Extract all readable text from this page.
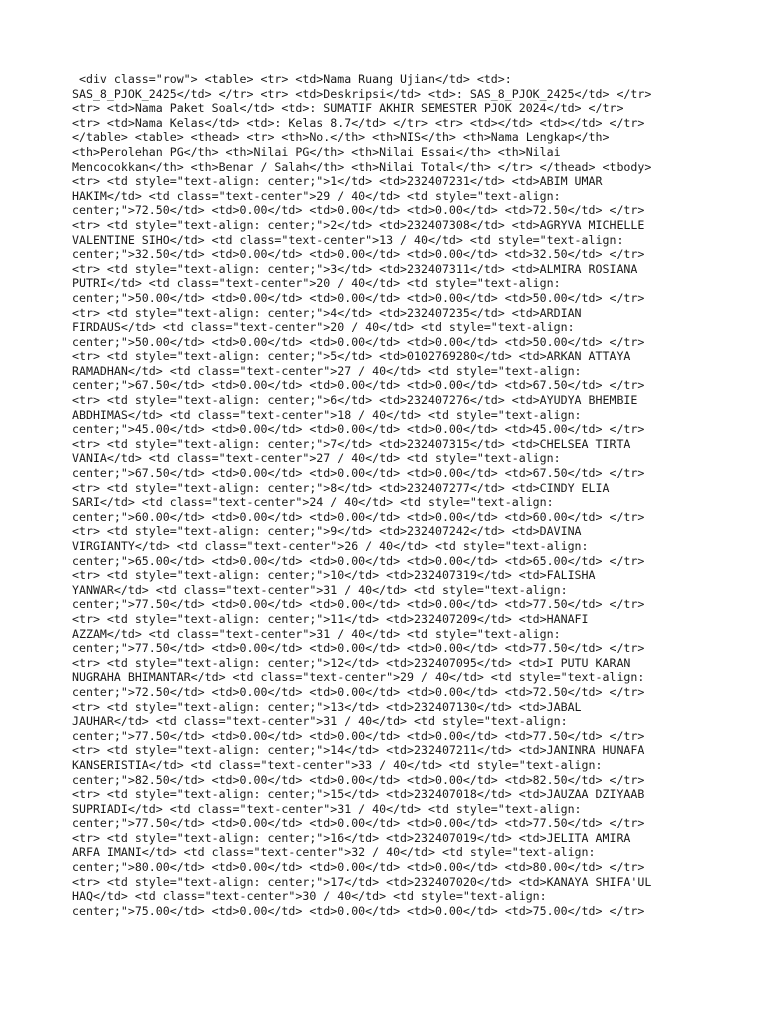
<div class="row"> <table> <tr> <td>Nama Ruang Ujian</td> <td>:
SAS_8_PJOK_2425</td> </tr> <tr> <td>Deskripsi</td> <td>: SAS_8_PJOK_2425</td> </tr>
<tr> <td>Nama Paket Soal</td> <td>: SUMATIF AKHIR SEMESTER PJOK 2024</td> </tr>
<tr> <td>Nama Kelas</td> <td>: Kelas 8.7</td> </tr> <tr> <td></td> <td></td> </tr>
</table> <table> <thead> <tr> <th>No.</th> <th>NIS</th> <th>Nama Lengkap</th>
<th>Perolehan PG</th> <th>Nilai PG</th> <th>Nilai Essai</th> <th>Nilai
Mencocokkan</th> <th>Benar / Salah</th> <th>Nilai Total</th> </tr> </thead> <tbody>
<tr> <td style="text-align: center;">1</td> <td>232407231</td> <td>ABIM UMAR
HAKIM</td> <td class="text-center">29 / 40</td> <td style="text-align:
center;">72.50</td> <td>0.00</td> <td>0.00</td> <td>0.00</td> <td>72.50</td> </tr>
<tr> <td style="text-align: center;">2</td> <td>232407308</td> <td>AGRYVA MICHELLE
VALENTINE SIHO</td> <td class="text-center">13 / 40</td> <td style="text-align:
center;">32.50</td> <td>0.00</td> <td>0.00</td> <td>0.00</td> <td>32.50</td> </tr>
<tr> <td style="text-align: center;">3</td> <td>232407311</td> <td>ALMIRA ROSIANA
PUTRI</td> <td class="text-center">20 / 40</td> <td style="text-align:
center;">50.00</td> <td>0.00</td> <td>0.00</td> <td>0.00</td> <td>50.00</td> </tr>
<tr> <td style="text-align: center;">4</td> <td>232407235</td> <td>ARDIAN
FIRDAUS</td> <td class="text-center">20 / 40</td> <td style="text-align:
center;">50.00</td> <td>0.00</td> <td>0.00</td> <td>0.00</td> <td>50.00</td> </tr>
<tr> <td style="text-align: center;">5</td> <td>0102769280</td> <td>ARKAN ATTAYA
RAMADHAN</td> <td class="text-center">27 / 40</td> <td style="text-align:
center;">67.50</td> <td>0.00</td> <td>0.00</td> <td>0.00</td> <td>67.50</td> </tr>
<tr> <td style="text-align: center;">6</td> <td>232407276</td> <td>AYUDYA BHEMBIE
ABDHIMAS</td> <td class="text-center">18 / 40</td> <td style="text-align:
center;">45.00</td> <td>0.00</td> <td>0.00</td> <td>0.00</td> <td>45.00</td> </tr>
<tr> <td style="text-align: center;">7</td> <td>232407315</td> <td>CHELSEA TIRTA
VANIA</td> <td class="text-center">27 / 40</td> <td style="text-align:
center;">67.50</td> <td>0.00</td> <td>0.00</td> <td>0.00</td> <td>67.50</td> </tr>
<tr> <td style="text-align: center;">8</td> <td>232407277</td> <td>CINDY ELIA
SARI</td> <td class="text-center">24 / 40</td> <td style="text-align:
center;">60.00</td> <td>0.00</td> <td>0.00</td> <td>0.00</td> <td>60.00</td> </tr>
<tr> <td style="text-align: center;">9</td> <td>232407242</td> <td>DAVINA
VIRGIANTY</td> <td class="text-center">26 / 40</td> <td style="text-align:
center;">65.00</td> <td>0.00</td> <td>0.00</td> <td>0.00</td> <td>65.00</td> </tr>
<tr> <td style="text-align: center;">10</td> <td>232407319</td> <td>FALISHA
YANWAR</td> <td class="text-center">31 / 40</td> <td style="text-align:
center;">77.50</td> <td>0.00</td> <td>0.00</td> <td>0.00</td> <td>77.50</td> </tr>
<tr> <td style="text-align: center;">11</td> <td>232407209</td> <td>HANAFI
AZZAM</td> <td class="text-center">31 / 40</td> <td style="text-align:
center;">77.50</td> <td>0.00</td> <td>0.00</td> <td>0.00</td> <td>77.50</td> </tr>
<tr> <td style="text-align: center;">12</td> <td>232407095</td> <td>I PUTU KARAN
NUGRAHA BHIMANTAR</td> <td class="text-center">29 / 40</td> <td style="text-align:
center;">72.50</td> <td>0.00</td> <td>0.00</td> <td>0.00</td> <td>72.50</td> </tr>
<tr> <td style="text-align: center;">13</td> <td>232407130</td> <td>JABAL
JAUHAR</td> <td class="text-center">31 / 40</td> <td style="text-align:
center;">77.50</td> <td>0.00</td> <td>0.00</td> <td>0.00</td> <td>77.50</td> </tr>
<tr> <td style="text-align: center;">14</td> <td>232407211</td> <td>JANINRA HUNAFA
KANSERISTIA</td> <td class="text-center">33 / 40</td> <td style="text-align:
center;">82.50</td> <td>0.00</td> <td>0.00</td> <td>0.00</td> <td>82.50</td> </tr>
<tr> <td style="text-align: center;">15</td> <td>232407018</td> <td>JAUZAA DZIYAAB
SUPRIADI</td> <td class="text-center">31 / 40</td> <td style="text-align:
center;">77.50</td> <td>0.00</td> <td>0.00</td> <td>0.00</td> <td>77.50</td> </tr>
<tr> <td style="text-align: center;">16</td> <td>232407019</td> <td>JELITA AMIRA
ARFA IMANI</td> <td class="text-center">32 / 40</td> <td style="text-align:
center;">80.00</td> <td>0.00</td> <td>0.00</td> <td>0.00</td> <td>80.00</td> </tr>
<tr> <td style="text-align: center;">17</td> <td>232407020</td> <td>KANAYA SHIFA'UL
HAQ</td> <td class="text-center">30 / 40</td> <td style="text-align:
center;">75.00</td> <td>0.00</td> <td>0.00</td> <td>0.00</td> <td>75.00</td> </tr>
